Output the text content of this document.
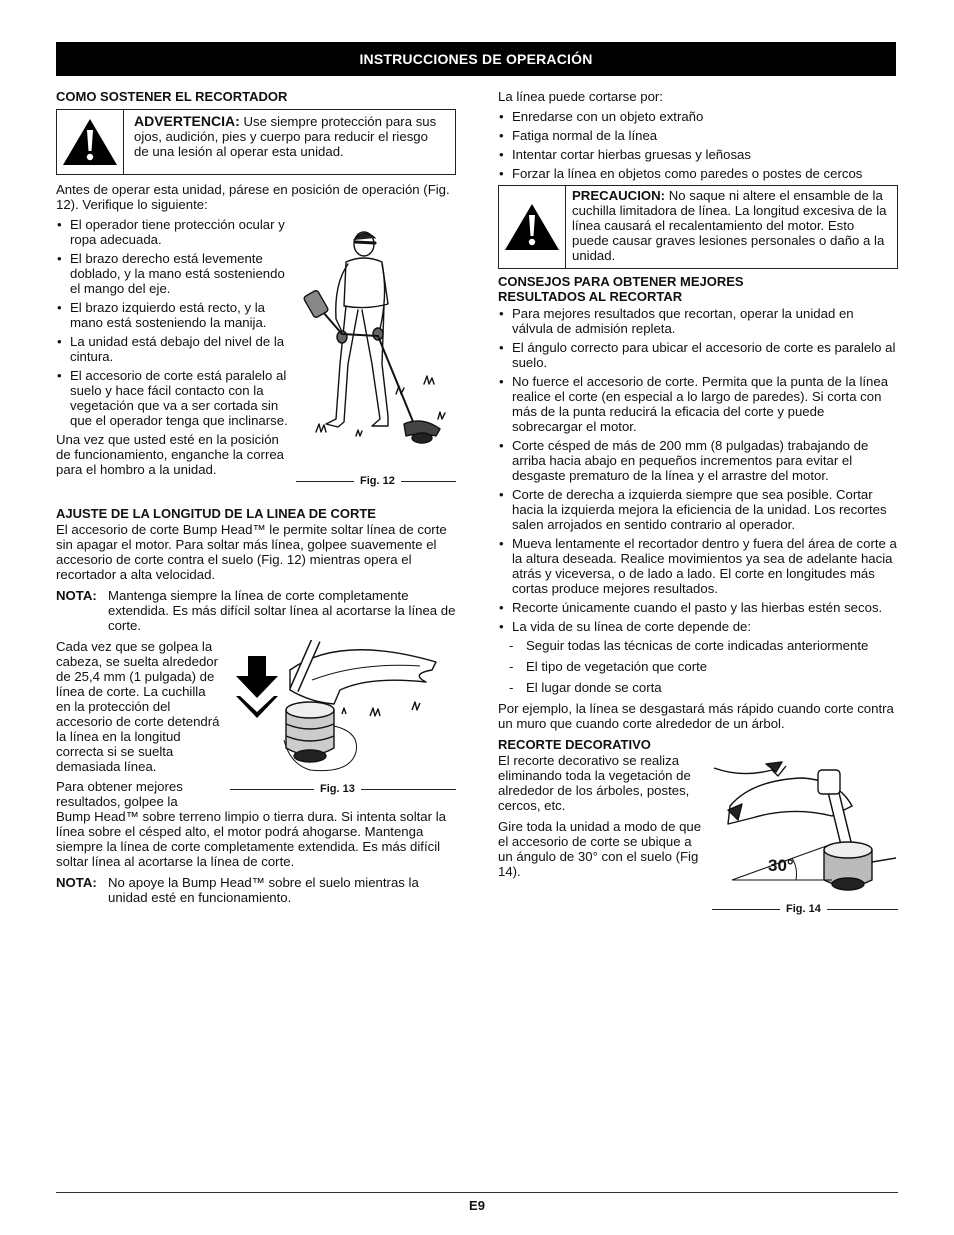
INSTRUCCIONES DE OPERACIÓN

COMO SOSTENER EL RECORTADOR

ADVERTENCIA: Use siempre protección para sus ojos, audición, pies y cuerpo para reducir el riesgo de una lesión al operar esta unidad.

Antes de operar esta unidad, párese en posición de operación (Fig. 12). Verifique lo siguiente:

• El operador tiene protección ocular y ropa adecuada.
• El brazo derecho está levemente doblado, y la mano está sosteniendo el mango del eje.
• El brazo izquierdo está recto, y la mano está sosteniendo la manija.
• La unidad está debajo del nivel de la cintura.
• El accesorio de corte está paralelo al suelo y hace fácil contacto con la vegetación que va a ser cortada sin que el operador tenga que inclinarse.

Una vez que usted esté en la posición de funcionamiento, enganche la correa para el hombro a la unidad.

Fig. 12

AJUSTE DE LA LONGITUD DE LA LINEA DE CORTE

El accesorio de corte Bump Head™ le permite soltar línea de corte sin apagar el motor. Para soltar más línea, golpee suavemente el accesorio de corte contra el suelo (Fig. 12) mientras opera el recortador a alta velocidad.

NOTA: Mantenga siempre la línea de corte completamente extendida. Es más difícil soltar línea al acortarse la línea de corte.

Cada vez que se golpea la cabeza, se suelta alrededor de 25,4 mm (1 pulgada) de línea de corte. La cuchilla en la protección del accesorio de corte detendrá la línea en la longitud correcta si se suelta demasiada línea.

Para obtener mejores resultados, golpee la

Bump Head™ sobre terreno limpio o tierra dura. Si intenta soltar la línea sobre el césped alto, el motor podrá ahogarse. Mantenga siempre la línea de corte completamente extendida. Es más difícil soltar línea al acortarse la línea de corte.

NOTA: No apoye la Bump Head™ sobre el suelo mientras la unidad esté en funcionamiento.
Fig. 13

La línea puede cortarse por:

• Enredarse con un objeto extraño
• Fatiga normal de la línea
• Intentar cortar hierbas gruesas y leñosas
• Forzar la línea en objetos como paredes o postes de cercos
PRECAUCION: No saque ni altere el ensamble de la cuchilla limitadora de línea. La longitud excesiva de la línea causará el recalentamiento del motor. Esto puede causar graves lesiones personales o daño a la unidad.

CONSEJOS PARA OBTENER MEJORES RESULTADOS AL RECORTAR

• Para mejores resultados que recortan, operar la unidad en válvula de admisión repleta.
• El ángulo correcto para ubicar el accesorio de corte es paralelo al suelo.
• No fuerce el accesorio de corte. Permita que la punta de la línea realice el corte (en especial a lo largo de paredes). Si corta con más de la punta reducirá la eficacia del corte y puede sobrecargar el motor.
• Corte césped de más de 200 mm (8 pulgadas) trabajando de arriba hacia abajo en pequeños incrementos para evitar el desgaste prematuro de la línea y el arrastre del motor.
• Corte de derecha a izquierda siempre que sea posible. Cortar hacia la izquierda mejora la eficiencia de la unidad. Los recortes salen arrojados en sentido contrario al operador.
• Mueva lentamente el recortador dentro y fuera del área de corte a la altura deseada. Realice movimientos ya sea de adelante hacia atrás y viceversa, o de lado a lado. El corte en longitudes más cortas produce mejores resultados.
• Recorte únicamente cuando el pasto y las hierbas estén secos.
• La vida de su línea de corte depende de:
- Seguir todas las técnicas de corte indicadas anteriormente
- El tipo de vegetación que corte
- El lugar donde se corta

Por ejemplo, la línea se desgastará más rápido cuando corte contra un muro que cuando corte alrededor de un árbol.

RECORTE DECORATIVO

El recorte decorativo se realiza eliminando toda la vegetación de alrededor de los árboles, postes, cercos, etc.

Gire toda la unidad a modo de que el accesorio de corte se ubique a un ángulo de 30° con el suelo (Fig 14).	30°
Fig. 14
E9
